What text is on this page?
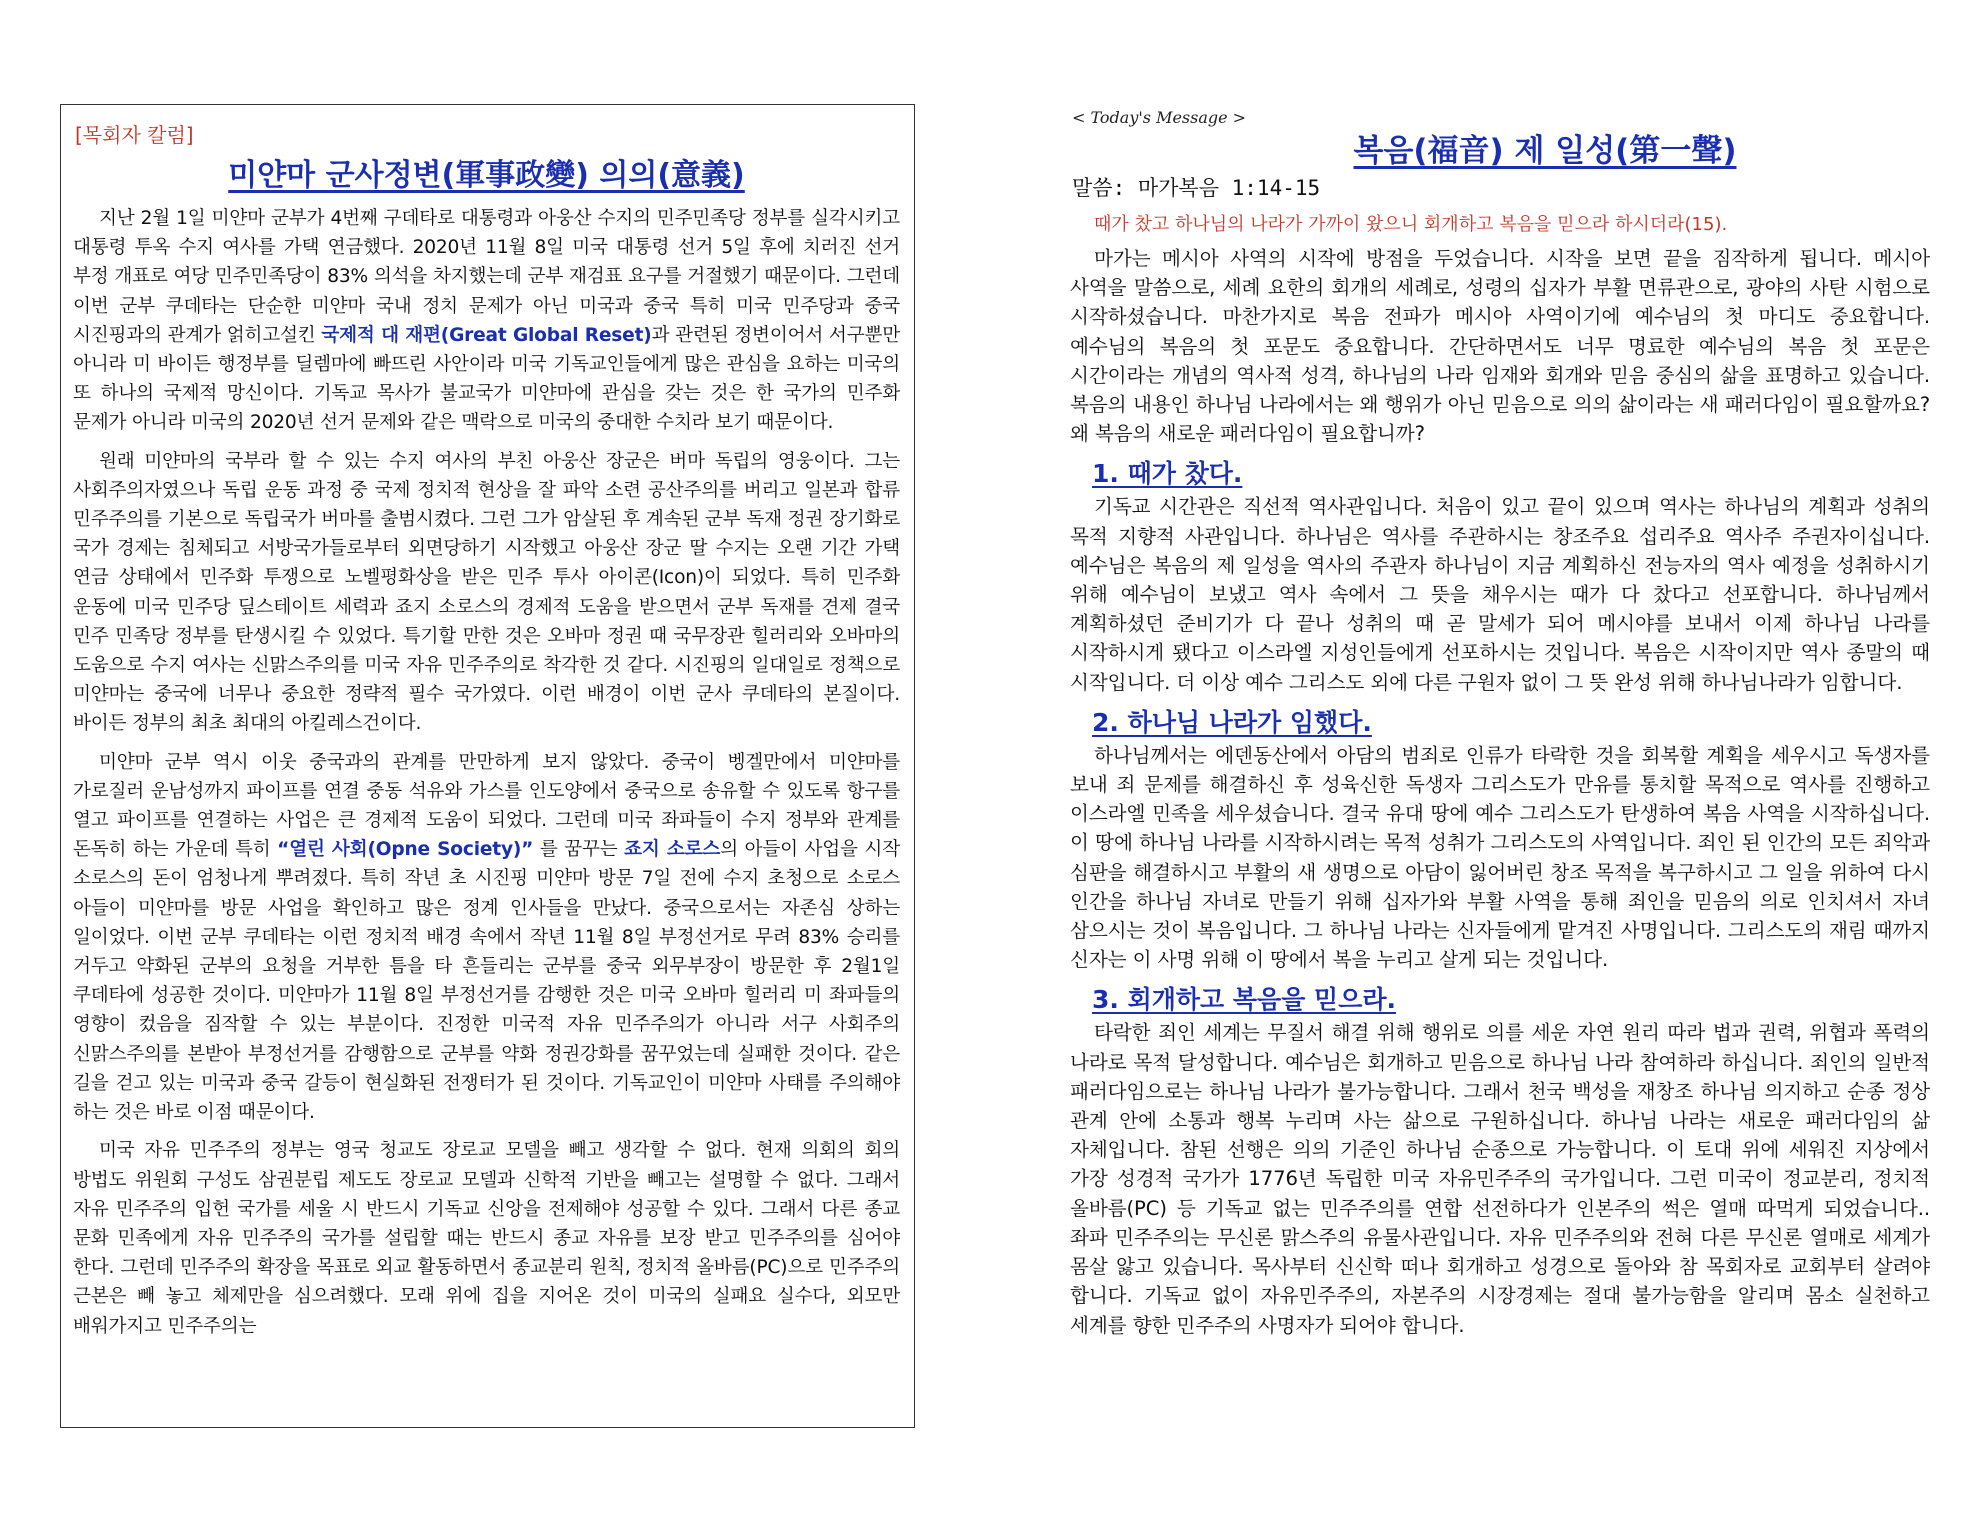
[목회자 칼럼]
미얀마 군사정변(軍事政變) 의의(意義)

지난 2월 1일 미얀마 군부가 4번째 구데타로 대통령과 아웅산 수지의 민주민족당 정부를 실각시키고 대통령 투옥 수지 여사를 가택 연금했다. 2020년 11월 8일 미국 대통령 선거 5일 후에 치러진 선거 부정 개표로 여당 민주민족당이 83% 의석을 차지했는데 군부 재검표 요구를 거절했기 때문이다. 그런데 이번 군부 쿠데타는 단순한 미얀마 국내 정치 문제가 아닌 미국과 중국 특히 미국 민주당과 중국 시진핑과의 관계가 얽히고설킨 국제적 대 재편(Great Global Reset)과 관련된 정변이어서 서구뿐만 아니라 미 바이든 행정부를 딜렘마에 빠뜨린 사안이라 미국 기독교인들에게 많은 관심을 요하는 미국의 또 하나의 국제적 망신이다. 기독교 목사가 불교국가 미얀마에 관심을 갖는 것은 한 국가의 민주화 문제가 아니라 미국의 2020년 선거 문제와 같은 맥락으로 미국의 중대한 수치라 보기 때문이다.

원래 미얀마의 국부라 할 수 있는 수지 여사의 부친 아웅산 장군은 버마 독립의 영웅이다. 그는 사회주의자였으나 독립 운동 과정 중 국제 정치적 현상을 잘 파악 소련 공산주의를 버리고 일본과 합류 민주주의를 기본으로 독립국가 버마를 출범시켰다. 그런 그가 암살된 후 계속된 군부 독재 정권 장기화로 국가 경제는 침체되고 서방국가들로부터 외면당하기 시작했고 아웅산 장군 딸 수지는 오랜 기간 가택 연금 상태에서 민주화 투쟁으로 노벨평화상을 받은 민주 투사 아이콘(Icon)이 되었다. 특히 민주화 운동에 미국 민주당 딮스테이트 세력과 죠지 소로스의 경제적 도움을 받으면서 군부 독재를 견제 결국 민주 민족당 정부를 탄생시킬 수 있었다. 특기할 만한 것은 오바마 정권 때 국무장관 힐러리와 오바마의 도움으로 수지 여사는 신맑스주의를 미국 자유 민주주의로 착각한 것 같다. 시진핑의 일대일로 정책으로 미얀마는 중국에 너무나 중요한 정략적 필수 국가였다. 이런 배경이 이번 군사 쿠데타의 본질이다. 바이든 정부의 최초 최대의 아킬레스건이다.

미얀마 군부 역시 이웃 중국과의 관계를 만만하게 보지 않았다. 중국이 벵겔만에서 미얀마를 가로질러 운남성까지 파이프를 연결 중동 석유와 가스를 인도양에서 중국으로 송유할 수 있도록 항구를 열고 파이프를 연결하는 사업은 큰 경제적 도움이 되었다. 그런데 미국 좌파들이 수지 정부와 관계를 돈독히 하는 가운데 특히 “열린 사회(Opne Society)” 를 꿈꾸는 죠지 소로스의 아들이 사업을 시작 소로스의 돈이 엄청나게 뿌려졌다. 특히 작년 초 시진핑 미얀마 방문 7일 전에 수지 초청으로 소로스 아들이 미얀마를 방문 사업을 확인하고 많은 정계 인사들을 만났다. 중국으로서는 자존심 상하는 일이었다. 이번 군부 쿠데타는 이런 정치적 배경 속에서 작년 11월 8일 부정선거로 무려 83% 승리를 거두고 약화된 군부의 요청을 거부한 틈을 타 흔들리는 군부를 중국 외무부장이 방문한 후 2월1일 쿠데타에 성공한 것이다. 미얀마가 11월 8일 부정선거를 감행한 것은 미국 오바마 힐러리 미 좌파들의 영향이 컸음을 짐작할 수 있는 부분이다. 진정한 미국적 자유 민주주의가 아니라 서구 사회주의 신맑스주의를 본받아 부정선거를 감행함으로 군부를 약화 정권강화를 꿈꾸었는데 실패한 것이다. 같은 길을 걷고 있는 미국과 중국 갈등이 현실화된 전쟁터가 된 것이다. 기독교인이 미얀마 사태를 주의해야 하는 것은 바로 이점 때문이다.

미국 자유 민주주의 정부는 영국 청교도 장로교 모델을 빼고 생각할 수 없다. 현재 의회의 회의 방법도 위원회 구성도 삼권분립 제도도 장로교 모델과 신학적 기반을 빼고는 설명할 수 없다. 그래서 자유 민주주의 입헌 국가를 세울 시 반드시 기독교 신앙을 전제해야 성공할 수 있다. 그래서 다른 종교 문화 민족에게 자유 민주주의 국가를 설립할 때는 반드시 종교 자유를 보장 받고 민주주의를 심어야 한다. 그런데 민주주의 확장을 목표로 외교 활동하면서 종교분리 원칙, 정치적 올바름(PC)으로 민주주의 근본은 빼 놓고 체제만을 심으려했다. 모래 위에 집을 지어온 것이 미국의 실패요 실수다, 외모만 배워가지고 민주주의는

< Today's Message >
복음(福音) 제 일성(第一聲)
말씀: 마가복음 1:14-15
때가 찼고 하나님의 나라가 가까이 왔으니 회개하고 복음을 믿으라 하시더라(15).

마가는 메시아 사역의 시작에 방점을 두었습니다. 시작을 보면 끝을 짐작하게 됩니다. 메시아 사역을 말씀으로, 세례 요한의 회개의 세례로, 성령의 십자가 부활 면류관으로, 광야의 사탄 시험으로 시작하셨습니다. 마찬가지로 복음 전파가 메시아 사역이기에 예수님의 첫 마디도 중요합니다. 예수님의 복음의 첫 포문도 중요합니다. 간단하면서도 너무 명료한 예수님의 복음 첫 포문은 시간이라는 개념의 역사적 성격, 하나님의 나라 임재와 회개와 믿음 중심의 삶을 표명하고 있습니다. 복음의 내용인 하나님 나라에서는 왜 행위가 아닌 믿음으로 의의 삶이라는 새 패러다임이 필요할까요? 왜 복음의 새로운 패러다임이 필요합니까?

1. 때가 찼다.

기독교 시간관은 직선적 역사관입니다. 처음이 있고 끝이 있으며 역사는 하나님의 계획과 성취의 목적 지향적 사관입니다. 하나님은 역사를 주관하시는 창조주요 섭리주요 역사주 주권자이십니다. 예수님은 복음의 제 일성을 역사의 주관자 하나님이 지금 계획하신 전능자의 역사 예정을 성취하시기 위해 예수님이 보냈고 역사 속에서 그 뜻을 채우시는 때가 다 찼다고 선포합니다. 하나님께서 계획하셨던 준비기가 다 끝나 성취의 때 곧 말세가 되어 메시야를 보내서 이제 하나님 나라를 시작하시게 됐다고 이스라엘 지성인들에게 선포하시는 것입니다. 복음은 시작이지만 역사 종말의 때 시작입니다. 더 이상 예수 그리스도 외에 다른 구원자 없이 그 뜻 완성 위해 하나님나라가 임합니다.

2. 하나님 나라가 임했다.

하나님께서는 에덴동산에서 아담의 범죄로 인류가 타락한 것을 회복할 계획을 세우시고 독생자를 보내 죄 문제를 해결하신 후 성육신한 독생자 그리스도가 만유를 통치할 목적으로 역사를 진행하고 이스라엘 민족을 세우셨습니다. 결국 유대 땅에 예수 그리스도가 탄생하여 복음 사역을 시작하십니다. 이 땅에 하나님 나라를 시작하시려는 목적 성취가 그리스도의 사역입니다. 죄인 된 인간의 모든 죄악과 심판을 해결하시고 부활의 새 생명으로 아담이 잃어버린 창조 목적을 복구하시고 그 일을 위하여 다시 인간을 하나님 자녀로 만들기 위해 십자가와 부활 사역을 통해 죄인을 믿음의 의로 인치셔서 자녀 삼으시는 것이 복음입니다. 그 하나님 나라는 신자들에게 맡겨진 사명입니다. 그리스도의 재림 때까지 신자는 이 사명 위해 이 땅에서 복을 누리고 살게 되는 것입니다.

3. 회개하고 복음을 믿으라.

타락한 죄인 세계는 무질서 해결 위해 행위로 의를 세운 자연 원리 따라 법과 권력, 위협과 폭력의 나라로 목적 달성합니다. 예수님은 회개하고 믿음으로 하나님 나라 참여하라 하십니다. 죄인의 일반적 패러다임으로는 하나님 나라가 불가능합니다. 그래서 천국 백성을 재창조 하나님 의지하고 순종 정상 관계 안에 소통과 행복 누리며 사는 삶으로 구원하십니다. 하나님 나라는 새로운 패러다임의 삶 자체입니다. 참된 선행은 의의 기준인 하나님 순종으로 가능합니다. 이 토대 위에 세워진 지상에서 가장 성경적 국가가 1776년 독립한 미국 자유민주주의 국가입니다. 그런 미국이 정교분리, 정치적 올바름(PC) 등 기독교 없는 민주주의를 연합 선전하다가 인본주의 썩은 열매 따먹게 되었습니다.. 좌파 민주주의는 무신론 맑스주의 유물사관입니다. 자유 민주주의와 전혀 다른 무신론 열매로 세계가 몸살 앓고 있습니다. 목사부터 신신학 떠나 회개하고 성경으로 돌아와 참 목회자로 교회부터 살려야 합니다. 기독교 없이 자유민주주의, 자본주의 시장경제는 절대 불가능함을 알리며 몸소 실천하고 세계를 향한 민주주의 사명자가 되어야 합니다.
